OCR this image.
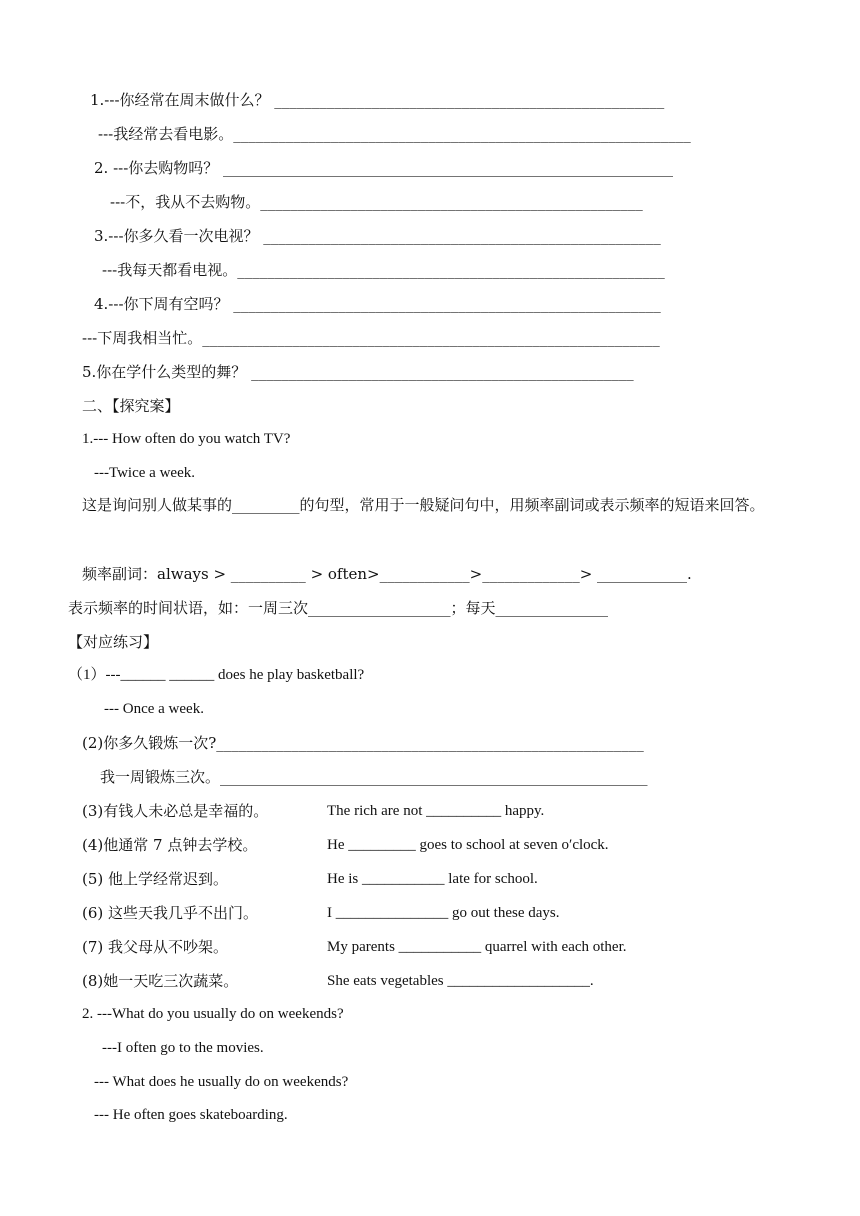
1.---你经常在周末做什么？ ____________________________________________________
---我经常去看电影。_____________________________________________________________
2. ---你去购物吗？ ____________________________________________________________
---不，我从不去购物。___________________________________________________
3.---你多久看一次电视？ _____________________________________________________
---我每天都看电视。_________________________________________________________
4.---你下周有空吗？ _________________________________________________________
---下周我相当忙。_____________________________________________________________
5.你在学什么类型的舞？ ___________________________________________________
二、【探究案】
1.--- How often do you watch TV?
---Twice a week.
这是询问别人做某事的_________的句型，常用于一般疑问句中，用频率副词或表示频率的短语来回答。
频率副词：always > __________ > often>____________>_____________> ____________.
表示频率的时间状语，如：一周三次___________________；每天_______________
【对应练习】
（1）---______ ______ does he play basketball?
--- Once a week.
(2)你多久锻炼一次?_________________________________________________________
我一周锻炼三次。_________________________________________________________
(3)有钱人未必总是幸福的。	The rich are not __________ happy.
(4)他通常 7 点钟去学校。	He _________ goes to school at seven o′clock.
(5) 他上学经常迟到。	He is ___________ late for school.
(6) 这些天我几乎不出门。	I _______________ go out these days.
(7) 我父母从不吵架。	My parents ___________ quarrel with each other.
(8)她一天吃三次蔬菜。	She eats vegetables ___________________.
2. ---What do you usually do on weekends?
---I often go to the movies.
--- What does he usually do on weekends?
--- He often goes skateboarding.
